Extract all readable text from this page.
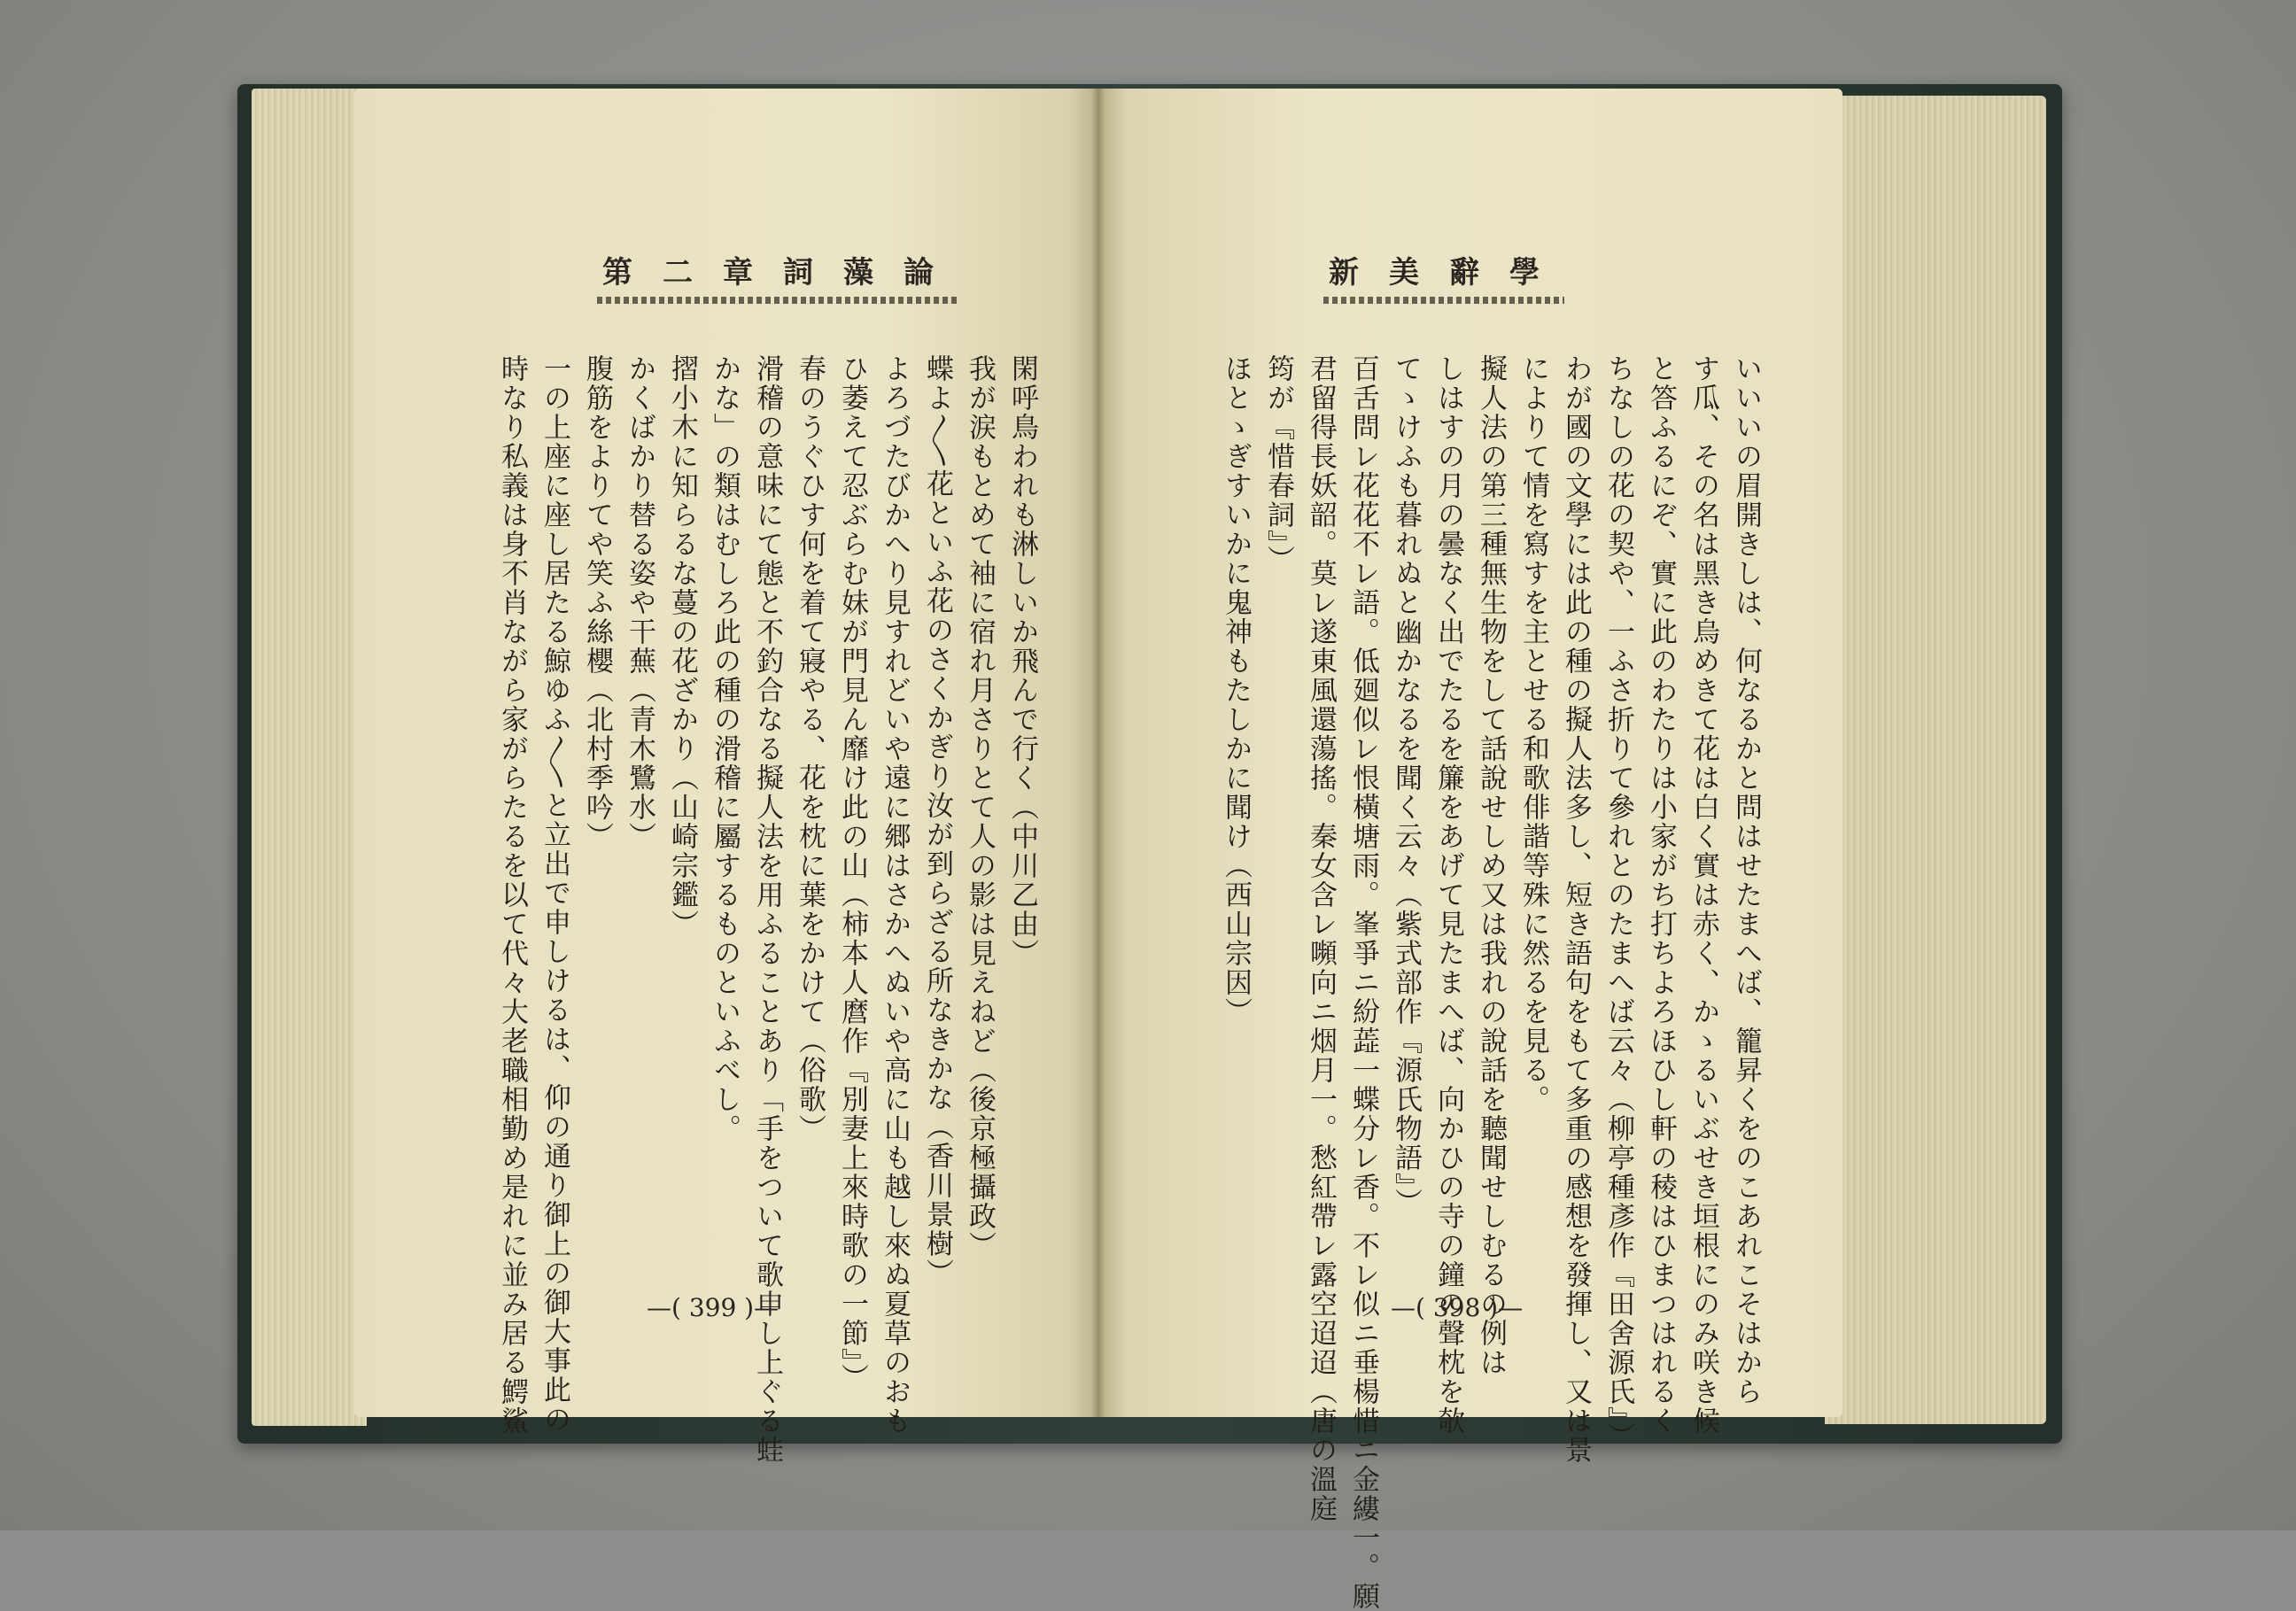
第二章詞藻論	新美辭學
閑呼鳥われも淋しいか飛んで行く（中川乙由）
我が涙もとめて袖に宿れ月さりとて人の影は見えねど（後京極攝政）
蝶よ〳〵花といふ花のさくかぎり汝が到らざる所なきかな（香川景樹）
よろづたびかへり見すれどいや遠に郷はさかへぬいや高に山も越し來ぬ夏草のおも
ひ萎えて忍ぶらむ妹が門見ん靡け此の山（柿本人麿作『別妻上來時歌の一節』）
春のうぐひす何を着て寢やる、花を枕に葉をかけて（俗歌）
滑稽の意味にて態と不釣合なる擬人法を用ふることあり「手をついて歌申し上ぐる蛙
かな」の類はむしろ此の種の滑稽に屬するものといふべし。
摺小木に知らるな蔓の花ざかり（山崎宗鑑）
かくばかり替る姿や干蕪（青木鷺水）
腹筋をよりてや笑ふ絲櫻（北村季吟）
一の上座に座し居たる鯨ゆふ〳〵と立出で申しけるは、仰の通り御上の御大事此の
時なり私義は身不肖ながら家がらたるを以て代々大老職相勤め是れに並み居る鰐鯊	いいいの眉開きしは、何なるかと問はせたまへば、籠昇くをのこあれこそはから
す瓜、その名は黑き烏めきて花は白く實は赤く、かゝるいぶせき垣根にのみ咲き候
と答ふるにぞ、實に此のわたりは小家がち打ちよろほひし軒の稜はひまつはれるく
ちなしの花の契や、一ふさ折りて參れとのたまへば云々（柳亭種彥作『田舍源氏』）
わが國の文學には此の種の擬人法多し、短き語句をもて多重の感想を發揮し、又は景
によりて情を寫すを主とせる和歌俳諧等殊に然るを見る。
擬人法の第三種無生物をして話說せしめ又は我れの說話を聽聞せしむるの例は
しはすの月の曇なく出でたるを簾をあげて見たまへば、向かひの寺の鐘の聲枕を欹
てゝけふも暮れぬと幽かなるを聞く云々（紫式部作『源氏物語』）
百舌問レ花花不レ語。低廻似レ恨橫塘雨。峯爭ニ紛蕋一蝶分レ香。不レ似ニ垂楊惜ニ金縷一。願
君留得長妖韶。莫レ遂東風還蕩搖。秦女含レ嚬向ニ烟月一。愁紅帶レ露空迢迢（唐の溫庭
筠が『惜春詞』）
ほとゝぎすいかに鬼神もたしかに聞け（西山宗因）
—( 399 )—	—( 398 )—
